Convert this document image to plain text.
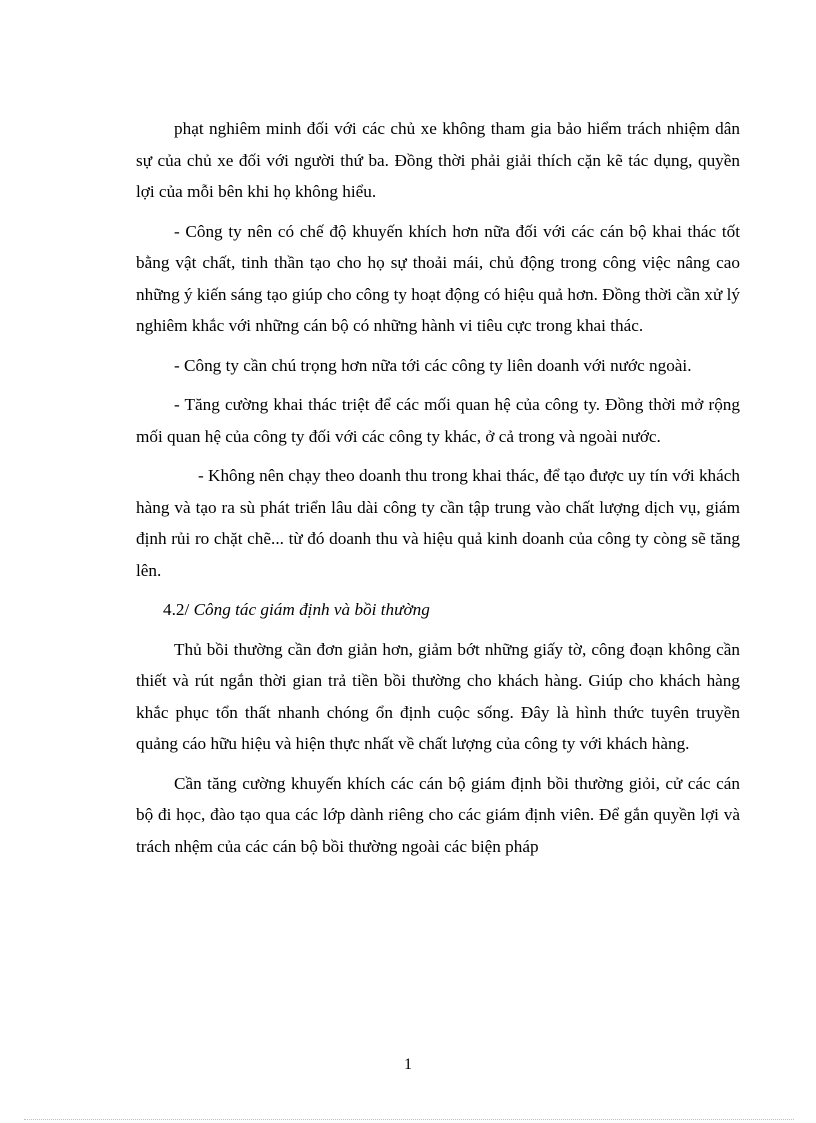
phạt nghiêm minh đối với các chủ xe không tham gia bảo hiểm trách nhiệm dân sự của chủ xe đối với người thứ ba. Đồng thời phải giải thích cặn kẽ tác dụng, quyền lợi của mỗi bên khi họ không hiểu.

- Công ty nên có chế độ khuyến khích hơn nữa đối với các cán bộ khai thác tốt bằng vật chất, tinh thần tạo cho họ sự thoải mái, chủ động trong công việc nâng cao những ý kiến sáng tạo giúp cho công ty hoạt động có hiệu quả hơn. Đồng thời cần xử lý nghiêm khắc với những cán bộ có những hành vi tiêu cực trong khai thác.

- Công ty cần chú trọng hơn nữa tới các công ty liên doanh với nước ngoài.

- Tăng cường khai thác triệt để các mối quan hệ của công ty. Đồng thời mở rộng mối quan hệ của công ty đối với các công ty khác, ở cả trong và ngoài nước.

- Không nên chạy theo doanh thu trong khai thác, để tạo được uy tín với khách hàng và tạo ra sù phát triển lâu dài công ty cần tập trung vào chất lượng dịch vụ, giám định rủi ro chặt chẽ... từ đó doanh thu và hiệu quả kinh doanh của công ty còng sẽ tăng lên.

4.2/ Công tác giám định và bồi thường

Thủ bồi thường cần đơn giản hơn, giảm bớt những giấy tờ, công đoạn không cần thiết và rút ngắn thời gian trả tiền bồi thường cho khách hàng. Giúp cho khách hàng khắc phục tổn thất nhanh chóng ổn định cuộc sống. Đây là hình thức tuyên truyền quảng cáo hữu hiệu và hiện thực nhất về chất lượng của công ty với khách hàng.

Cần tăng cường khuyến khích các cán bộ giám định bồi thường giỏi, cử các cán bộ đi học, đào tạo qua các lớp dành riêng cho các giám định viên. Để gắn quyền lợi và trách nhệm của các cán bộ bồi thường ngoài các biện pháp

1
